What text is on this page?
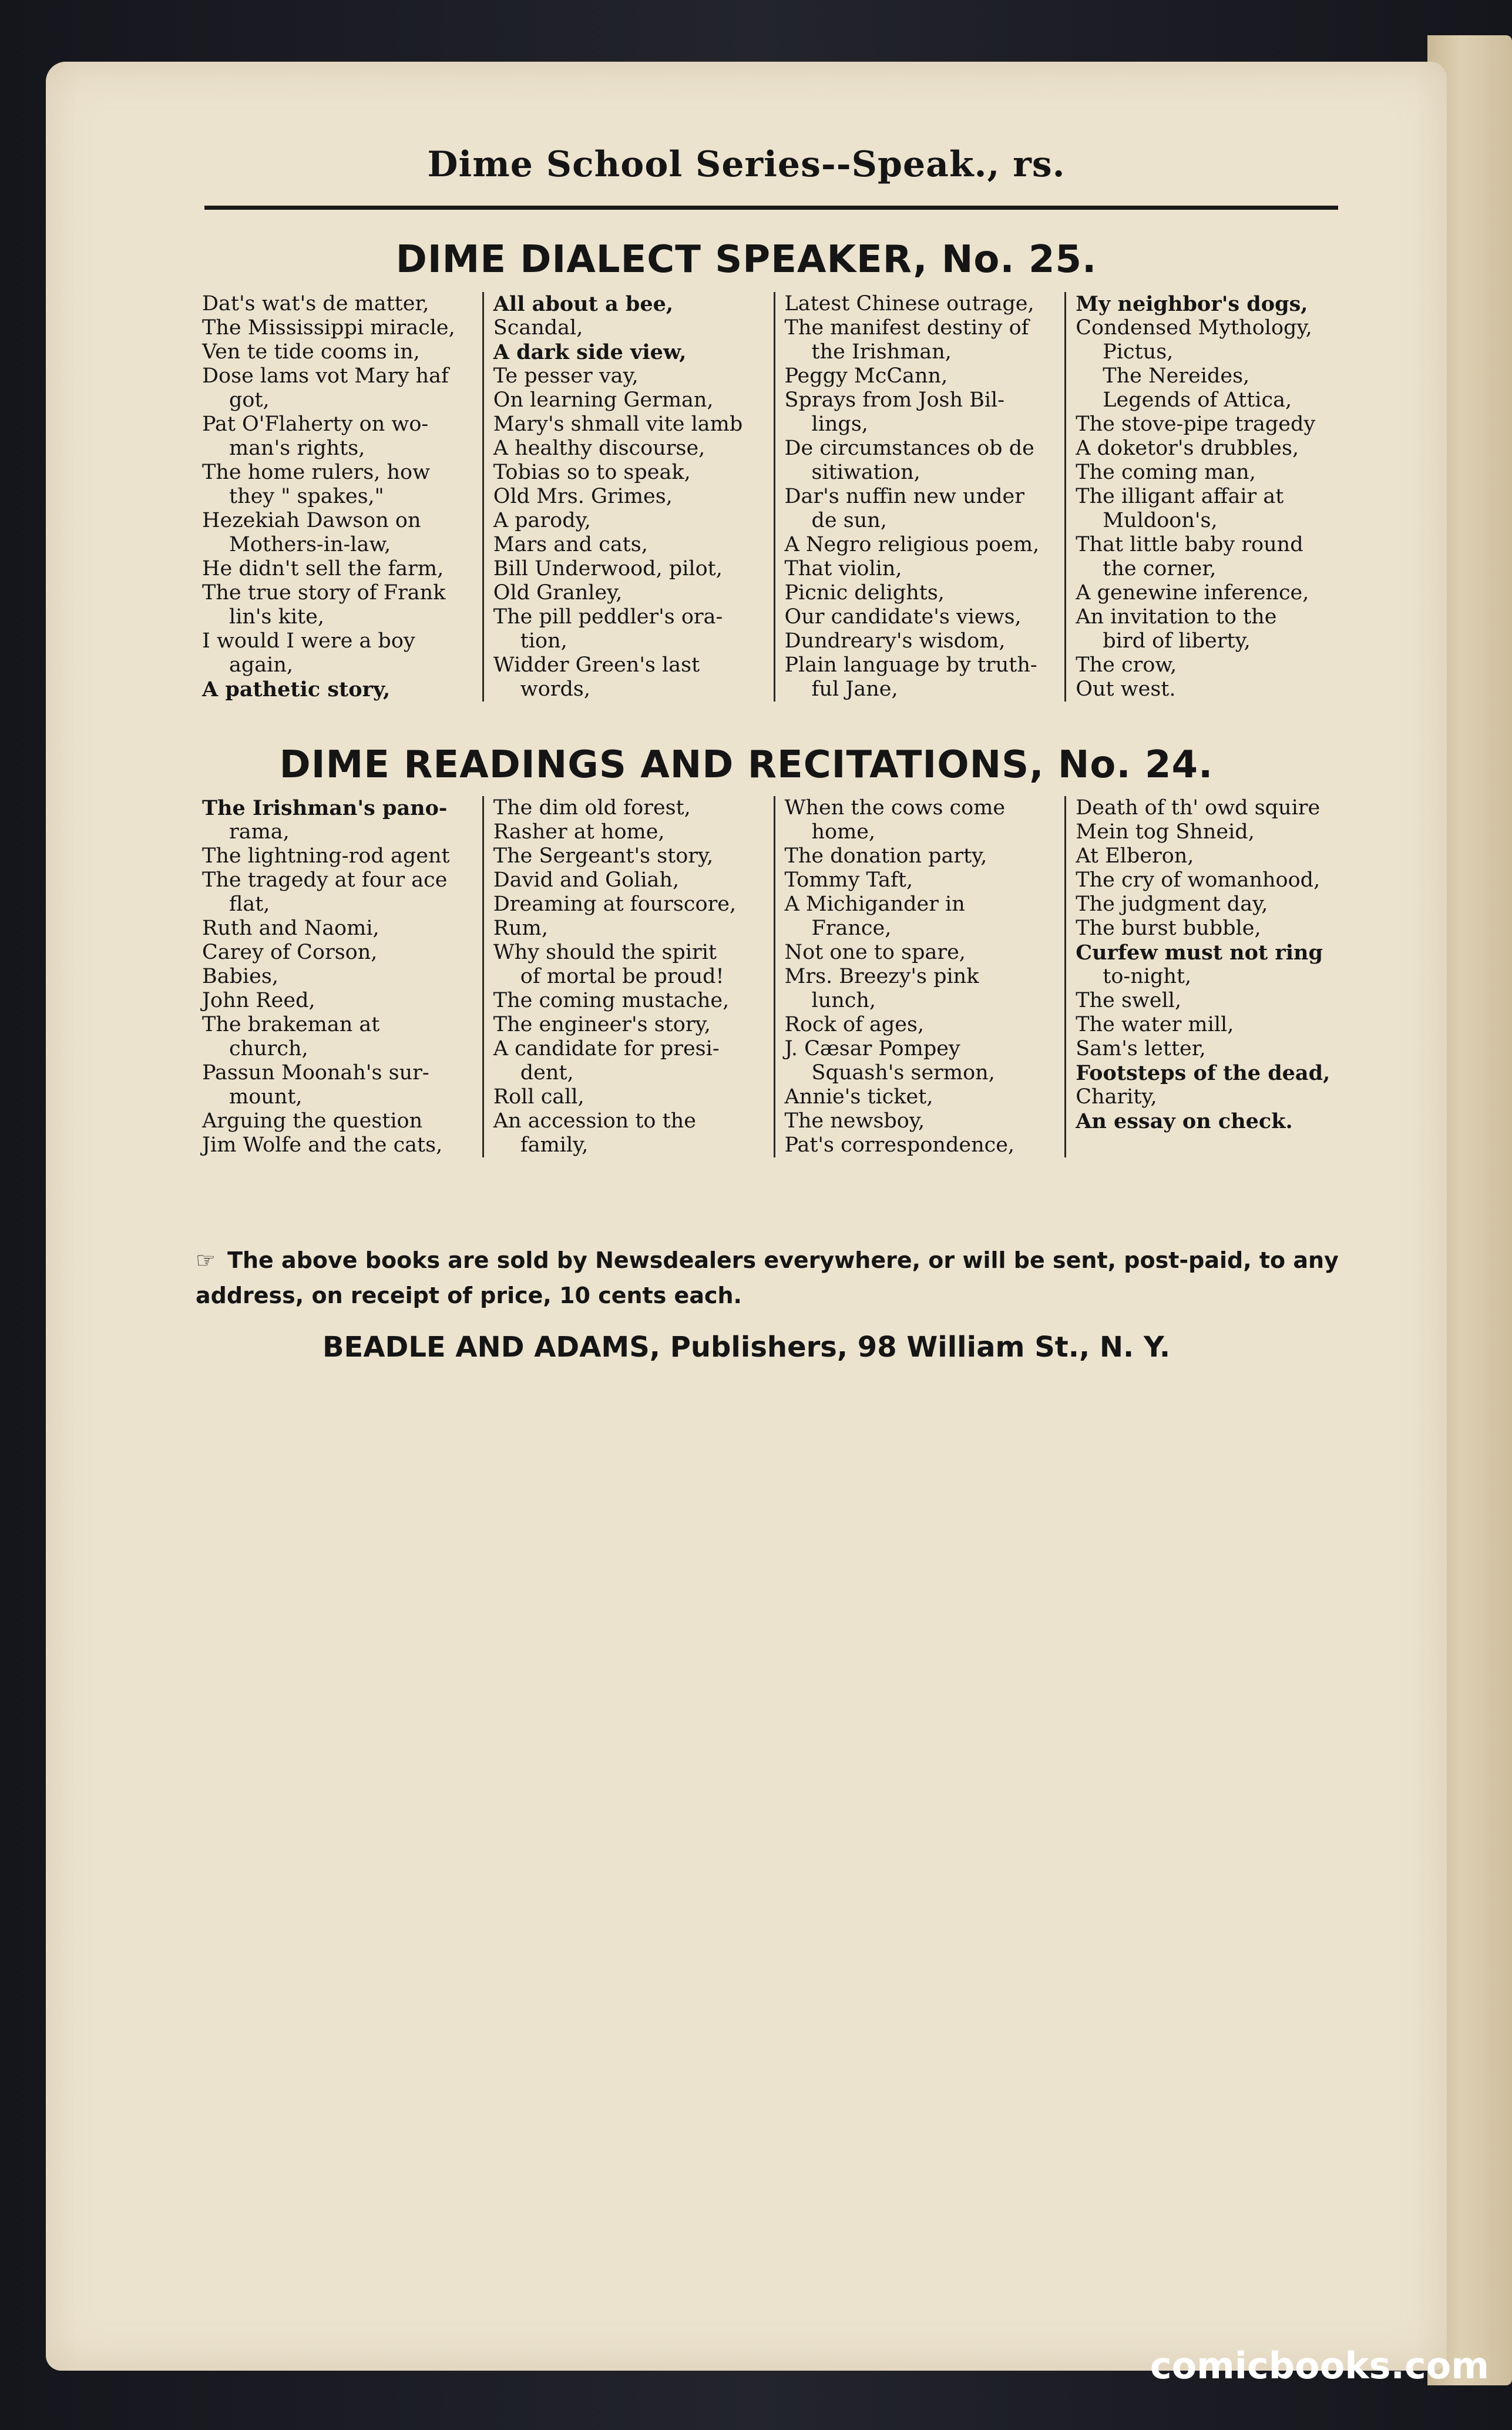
Dime School Series--Speak., rs.
DIME DIALECT SPEAKER, No. 25.
Dat's wat's de matter,
The Mississippi miracle,
Ven te tide cooms in,
Dose lams vot Mary haf
got,
Pat O'Flaherty on wo-
man's rights,
The home rulers, how
they " spakes,"
Hezekiah Dawson on
Mothers-in-law,
He didn't sell the farm,
The true story of Frank
lin's kite,
I would I were a boy
again,
A pathetic story,
All about a bee,
Scandal,
A dark side view,
Te pesser vay,
On learning German,
Mary's shmall vite lamb
A healthy discourse,
Tobias so to speak,
Old Mrs. Grimes,
A parody,
Mars and cats,
Bill Underwood, pilot,
Old Granley,
The pill peddler's ora-
tion,
Widder Green's last
words,
Latest Chinese outrage,
The manifest destiny of
the Irishman,
Peggy McCann,
Sprays from Josh Bil-
lings,
De circumstances ob de
sitiwation,
Dar's nuffin new under
de sun,
A Negro religious poem,
That violin,
Picnic delights,
Our candidate's views,
Dundreary's wisdom,
Plain language by truth-
ful Jane,
My neighbor's dogs,
Condensed Mythology,
Pictus,
The Nereides,
Legends of Attica,
The stove-pipe tragedy
A doketor's drubbles,
The coming man,
The illigant affair at
Muldoon's,
That little baby round
the corner,
A genewine inference,
An invitation to the
bird of liberty,
The crow,
Out west.
DIME READINGS AND RECITATIONS, No. 24.
The Irishman's pano-
rama,
The lightning-rod agent
The tragedy at four ace
flat,
Ruth and Naomi,
Carey of Corson,
Babies,
John Reed,
The brakeman at
church,
Passun Moonah's sur-
mount,
Arguing the question
Jim Wolfe and the cats,
The dim old forest,
Rasher at home,
The Sergeant's story,
David and Goliah,
Dreaming at fourscore,
Rum,
Why should the spirit
of mortal be proud!
The coming mustache,
The engineer's story,
A candidate for presi-
dent,
Roll call,
An accession to the
family,
When the cows come
home,
The donation party,
Tommy Taft,
A Michigander in
France,
Not one to spare,
Mrs. Breezy's pink
lunch,
Rock of ages,
J. Cæsar Pompey
Squash's sermon,
Annie's ticket,
The newsboy,
Pat's correspondence,
Death of th' owd squire
Mein tog Shneid,
At Elberon,
The cry of womanhood,
The judgment day,
The burst bubble,
Curfew must not ring
to-night,
The swell,
The water mill,
Sam's letter,
Footsteps of the dead,
Charity,
An essay on check.
☞ The above books are sold by Newsdealers everywhere, or will be sent, post-paid, to any address, on receipt of price, 10 cents each.
BEADLE AND ADAMS, Publishers, 98 William St., N. Y.
comicbooks.com
